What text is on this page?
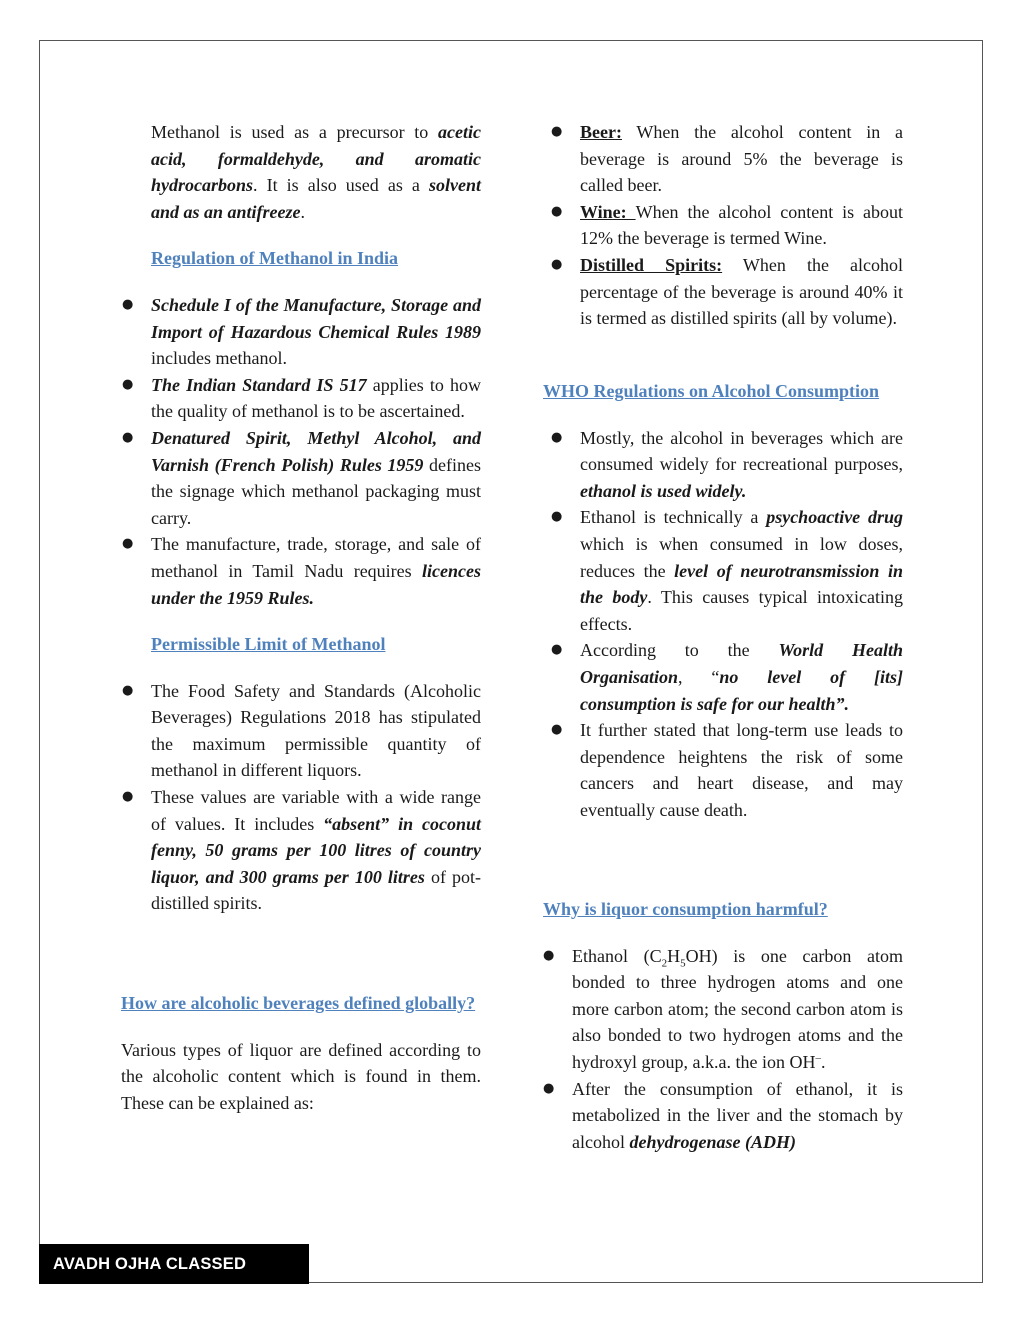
Methanol is used as a precursor to acetic acid, formaldehyde, and aromatic hydrocarbons. It is also used as a solvent and as an antifreeze.

Regulation of Methanol in India

● Schedule I of the Manufacture, Storage and Import of Hazardous Chemical Rules 1989 includes methanol.
● The Indian Standard IS 517 applies to how the quality of methanol is to be ascertained.
● Denatured Spirit, Methyl Alcohol, and Varnish (French Polish) Rules 1959 defines the signage which methanol packaging must carry.
● The manufacture, trade, storage, and sale of methanol in Tamil Nadu requires licences under the 1959 Rules.

Permissible Limit of Methanol

● The Food Safety and Standards (Alcoholic Beverages) Regulations 2018 has stipulated the maximum permissible quantity of methanol in different liquors.
● These values are variable with a wide range of values. It includes “absent” in coconut fenny, 50 grams per 100 litres of country liquor, and 300 grams per 100 litres of pot-distilled spirits.

How are alcoholic beverages defined globally?

Various types of liquor are defined according to the alcoholic content which is found in them. These can be explained as:

● Beer: When the alcohol content in a beverage is around 5% the beverage is called beer.
● Wine: When the alcohol content is about 12% the beverage is termed Wine.
● Distilled Spirits: When the alcohol percentage of the beverage is around 40% it is termed as distilled spirits (all by volume).

WHO Regulations on Alcohol Consumption

● Mostly, the alcohol in beverages which are consumed widely for recreational purposes, ethanol is used widely.
● Ethanol is technically a psychoactive drug which is when consumed in low doses, reduces the level of neurotransmission in the body. This causes typical intoxicating effects.
● According to the World Health Organisation, “no level of [its] consumption is safe for our health”.
● It further stated that long-term use leads to dependence heightens the risk of some cancers and heart disease, and may eventually cause death.

Why is liquor consumption harmful?

● Ethanol $(C_2H_5OH)$ is one carbon atom bonded to three hydrogen atoms and one more carbon atom; the second carbon atom is also bonded to two hydrogen atoms and the hydroxyl group, a.k.a. the ion OH–.
● After the consumption of ethanol, it is metabolized in the liver and the stomach by alcohol dehydrogenase (ADH)
AVADH OJHA CLASSED
